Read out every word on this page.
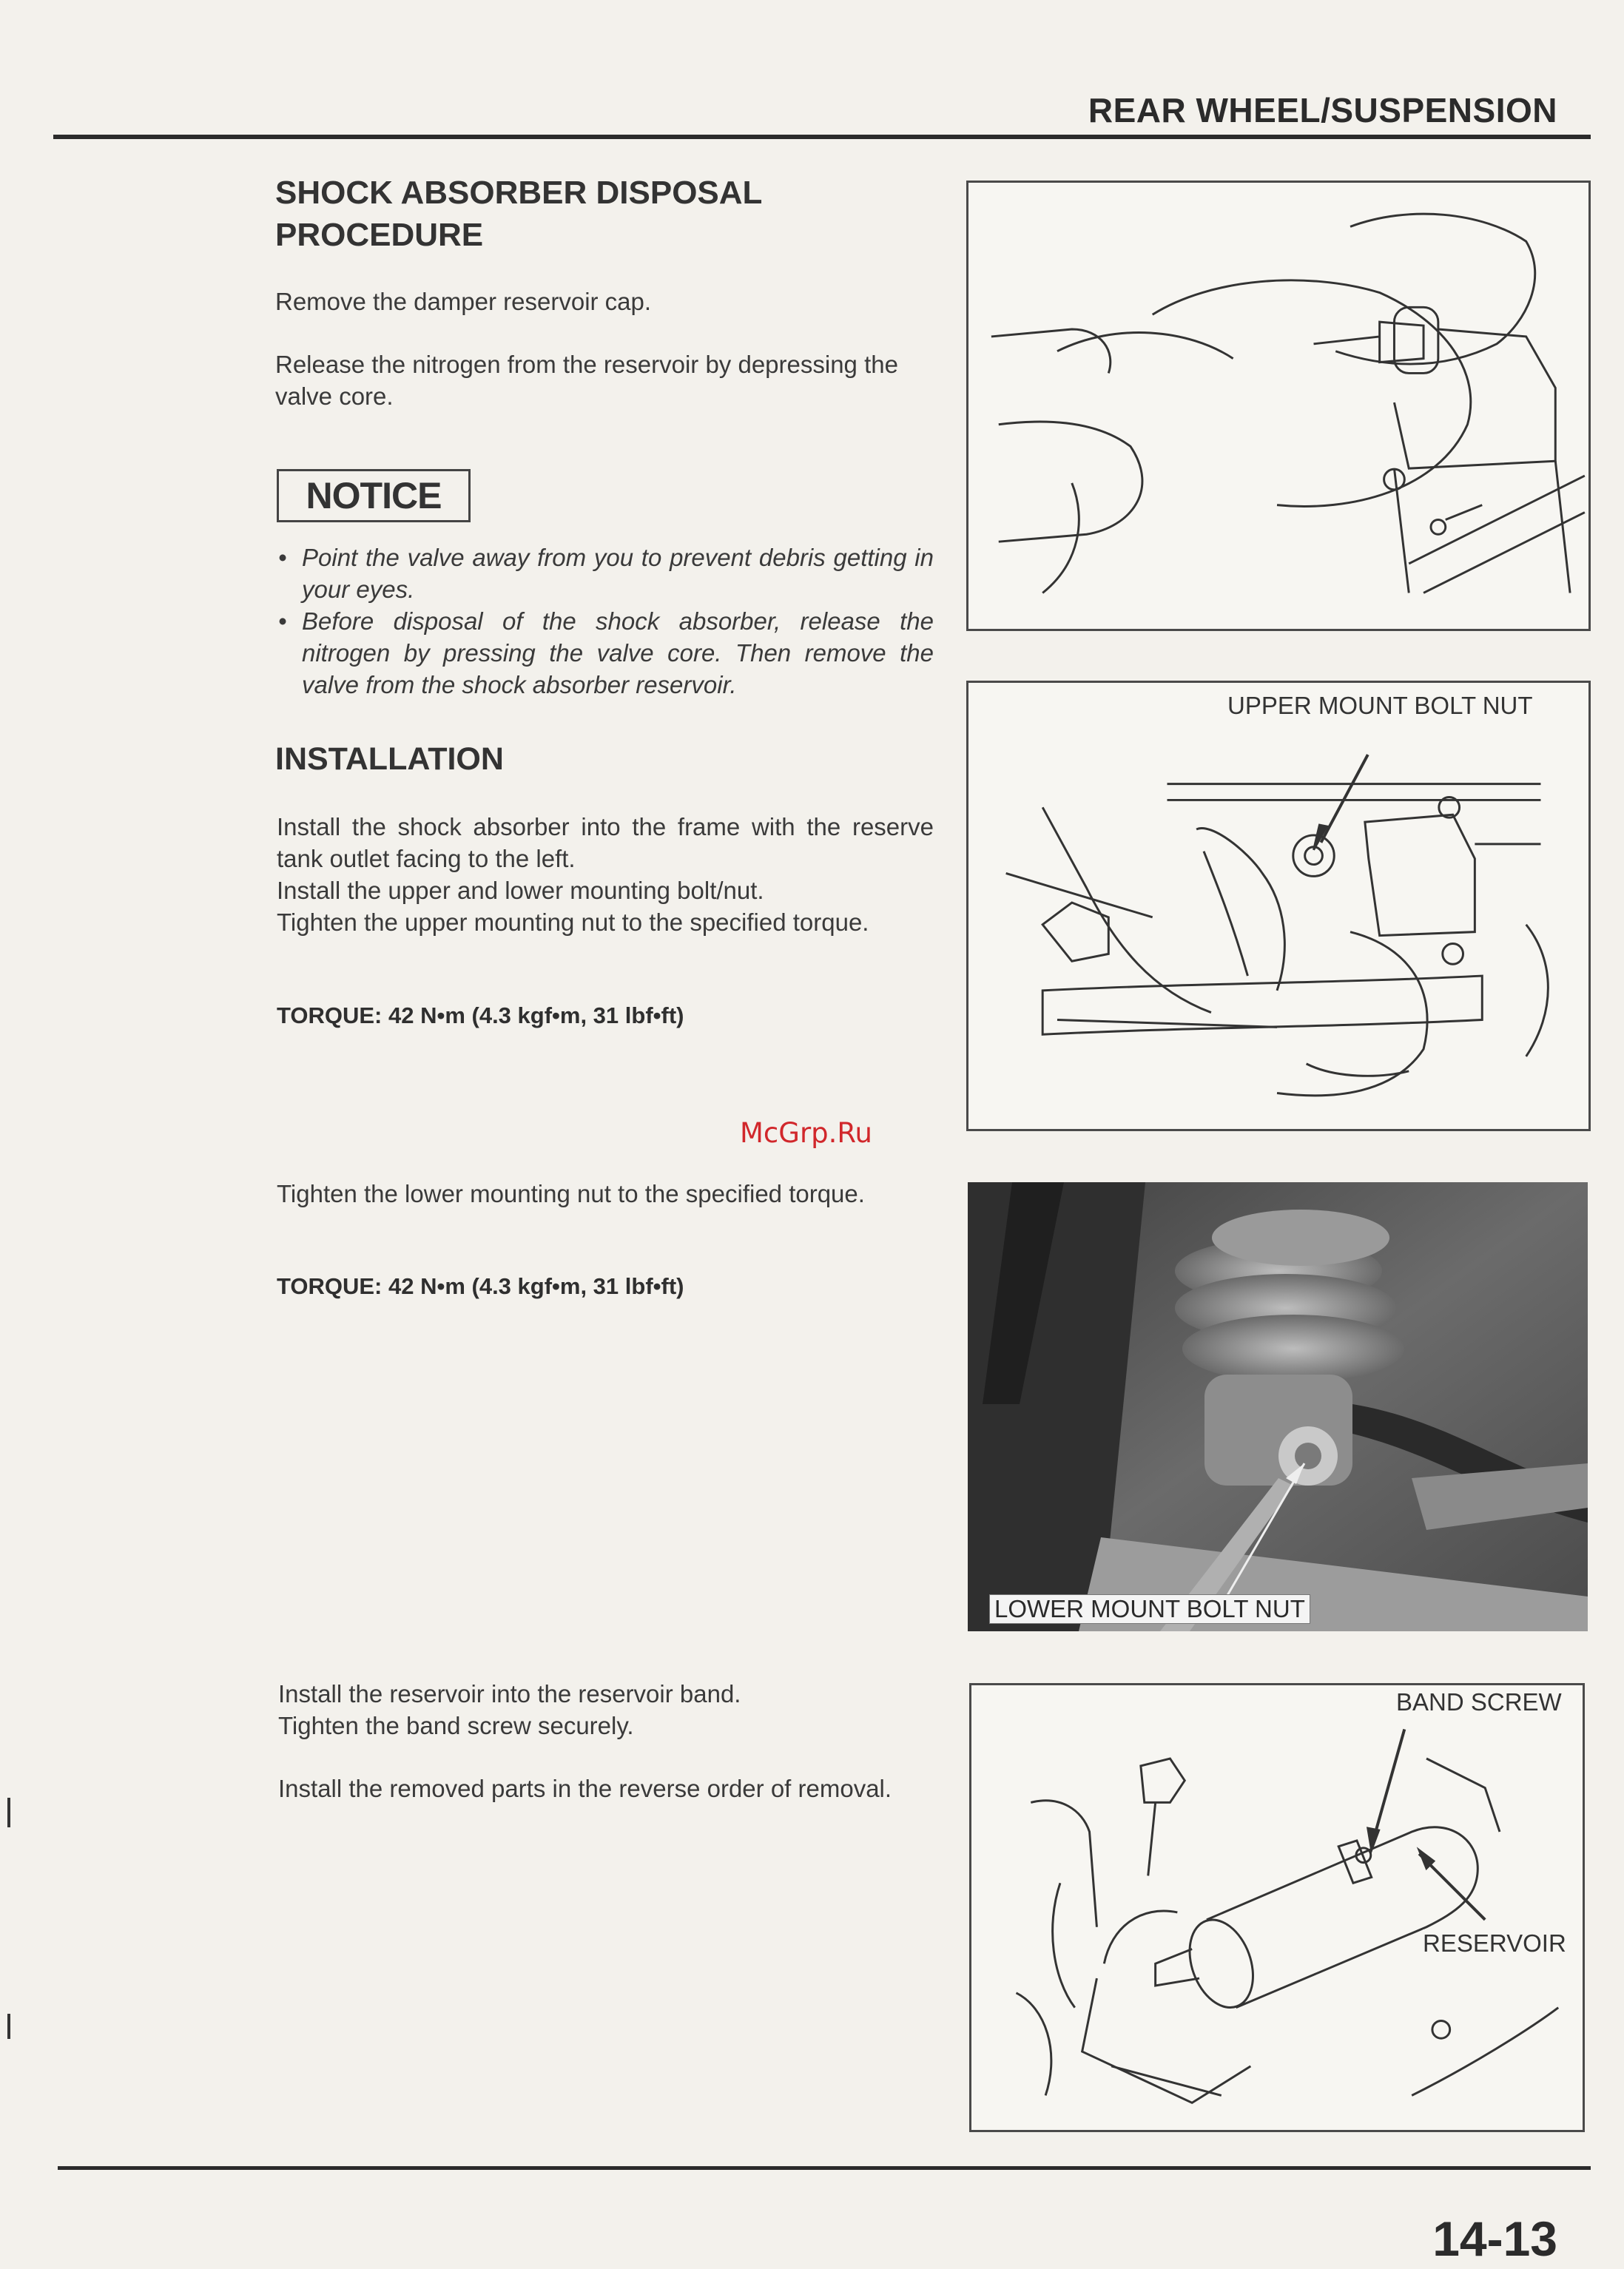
REAR WHEEL/SUSPENSION
SHOCK ABSORBER DISPOSAL
PROCEDURE
Remove the damper reservoir cap.
Release the nitrogen from the reservoir by depressing the valve core.
NOTICE
• Point the valve away from you to prevent debris getting in your eyes.
• Before disposal of the shock absorber, release the nitrogen by pressing the valve core. Then remove the valve from the shock absorber reservoir.
INSTALLATION
Install the shock absorber into the frame with the reserve tank outlet facing to the left.
Install the upper and lower mounting bolt/nut.
Tighten the upper mounting nut to the specified torque.
TORQUE: 42 N•m (4.3 kgf•m, 31 lbf•ft)
McGrp.Ru
Tighten the lower mounting nut to the specified torque.
TORQUE: 42 N•m (4.3 kgf•m, 31 lbf•ft)
Install the reservoir into the reservoir band.
Tighten the band screw securely.
Install the removed parts in the reverse order of removal.
UPPER MOUNT BOLT NUT
LOWER MOUNT BOLT NUT
BAND SCREW
RESERVOIR
14-13
